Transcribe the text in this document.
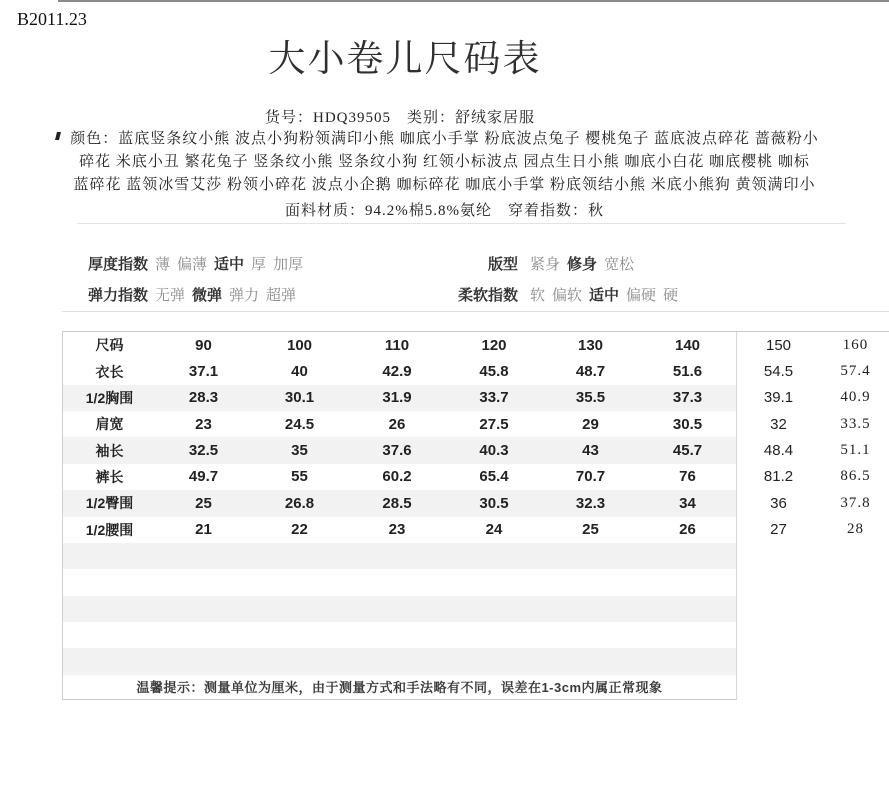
B2011.23
大小卷儿尺码表
货号：HDQ39505　类别：舒绒家居服
颜色：蓝底竖条纹小熊 波点小狗粉领满印小熊 咖底小手掌 粉底波点兔子 樱桃兔子 蓝底波点碎花 蔷薇粉小
碎花 米底小丑 繁花兔子 竖条纹小熊 竖条纹小狗 红领小标波点 园点生日小熊 咖底小白花 咖底樱桃 咖标
蓝碎花 蓝领冰雪艾莎 粉领小碎花 波点小企鹅 咖标碎花 咖底小手掌 粉底领结小熊 米底小熊狗 黄领满印小
面料材质：94.2%棉5.8%氨纶　穿着指数：秋
厚度指数 薄 偏薄 适中 厚 加厚
弹力指数 无弹 微弹 弹力 超弹
版型 紧身 修身 宽松
柔软指数 软 偏软 适中 偏硬 硬
尺码	90	100	110	120	130	140	150	160
衣长	37.1	40	42.9	45.8	48.7	51.6	54.5	57.4
1/2胸围	28.3	30.1	31.9	33.7	35.5	37.3	39.1	40.9
肩宽	23	24.5	26	27.5	29	30.5	32	33.5
袖长	32.5	35	37.6	40.3	43	45.7	48.4	51.1
裤长	49.7	55	60.2	65.4	70.7	76	81.2	86.5
1/2臀围	25	26.8	28.5	30.5	32.3	34	36	37.8
1/2腰围	21	22	23	24	25	26	27	28
温馨提示：测量单位为厘米，由于测量方式和手法略有不同，误差在1-3cm内属正常现象
